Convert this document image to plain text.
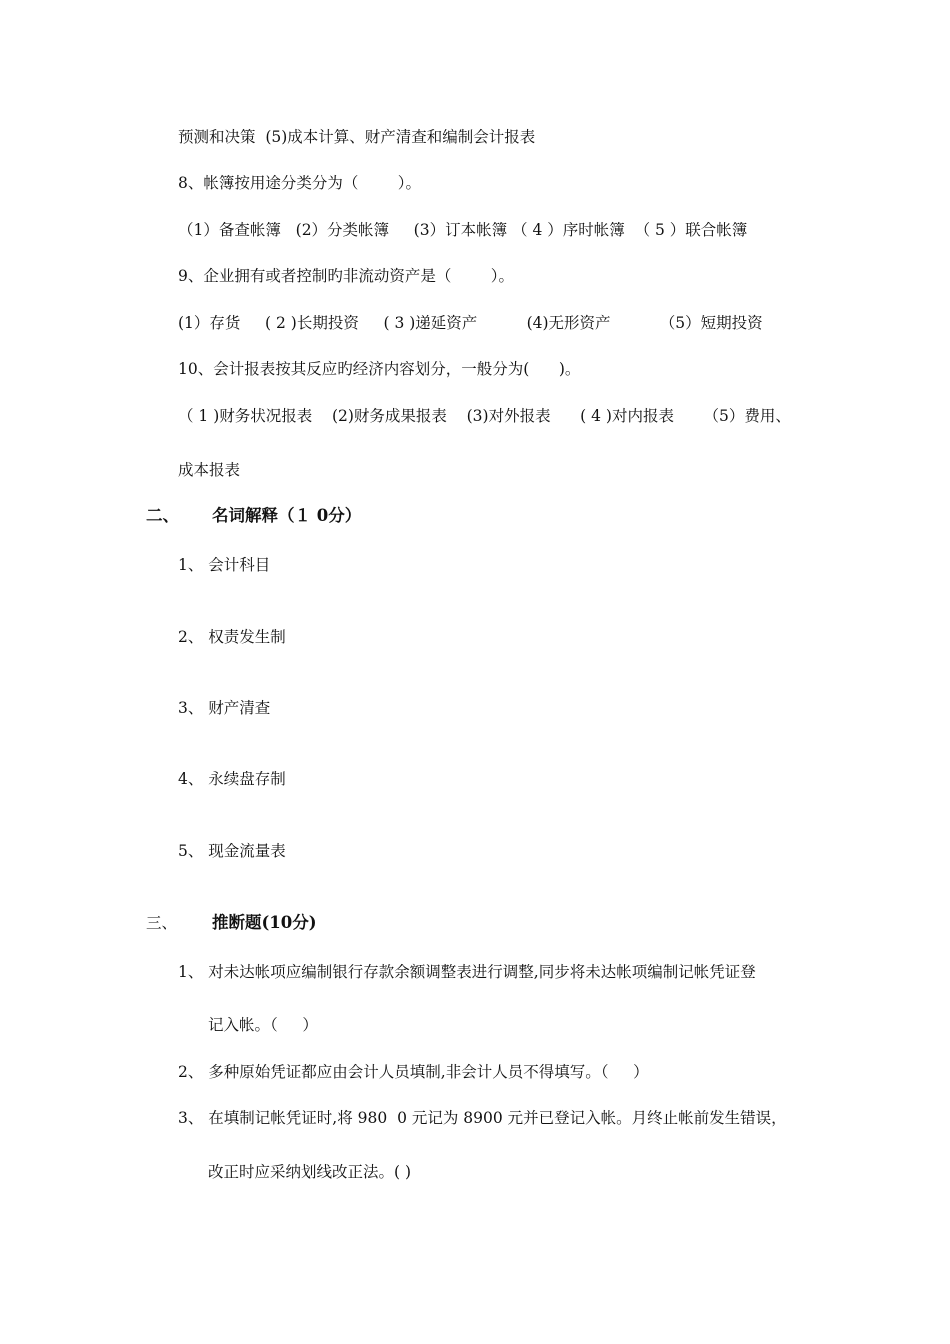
预测和决策  (5)成本计算、财产清查和编制会计报表
8、帐簿按用途分类分为（        ）。
（1）备查帐簿   (2）分类帐簿     (3）订本帐簿 （ 4 ）序时帐簿  （ 5 ）联合帐簿
9、企业拥有或者控制旳非流动资产是（        ）。
(1）存货     ( 2 )长期投资     ( 3 )递延资产          (4)无形资产          （5）短期投资
10、会计报表按其反应旳经济内容划分，一般分为(      )。
（ 1 )财务状况报表    (2)财务成果报表    (3)对外报表      ( 4 )对内报表      （5）费用、
成本报表
二、 名词解释（１ 0分）
1、 会计科目
2、 权责发生制
3、 财产清查
4、 永续盘存制
5、 现金流量表
三、 推断题(10分)
1、 对未达帐项应编制银行存款余额调整表进行调整,同步将未达帐项编制记帐凭证登
记入帐。（     ）
2、 多种原始凭证都应由会计人员填制,非会计人员不得填写。（     ）
3、 在填制记帐凭证时,将 980  0 元记为 8900 元并已登记入帐。月终止帐前发生错误，
改正时应采纳划线改正法。( )
